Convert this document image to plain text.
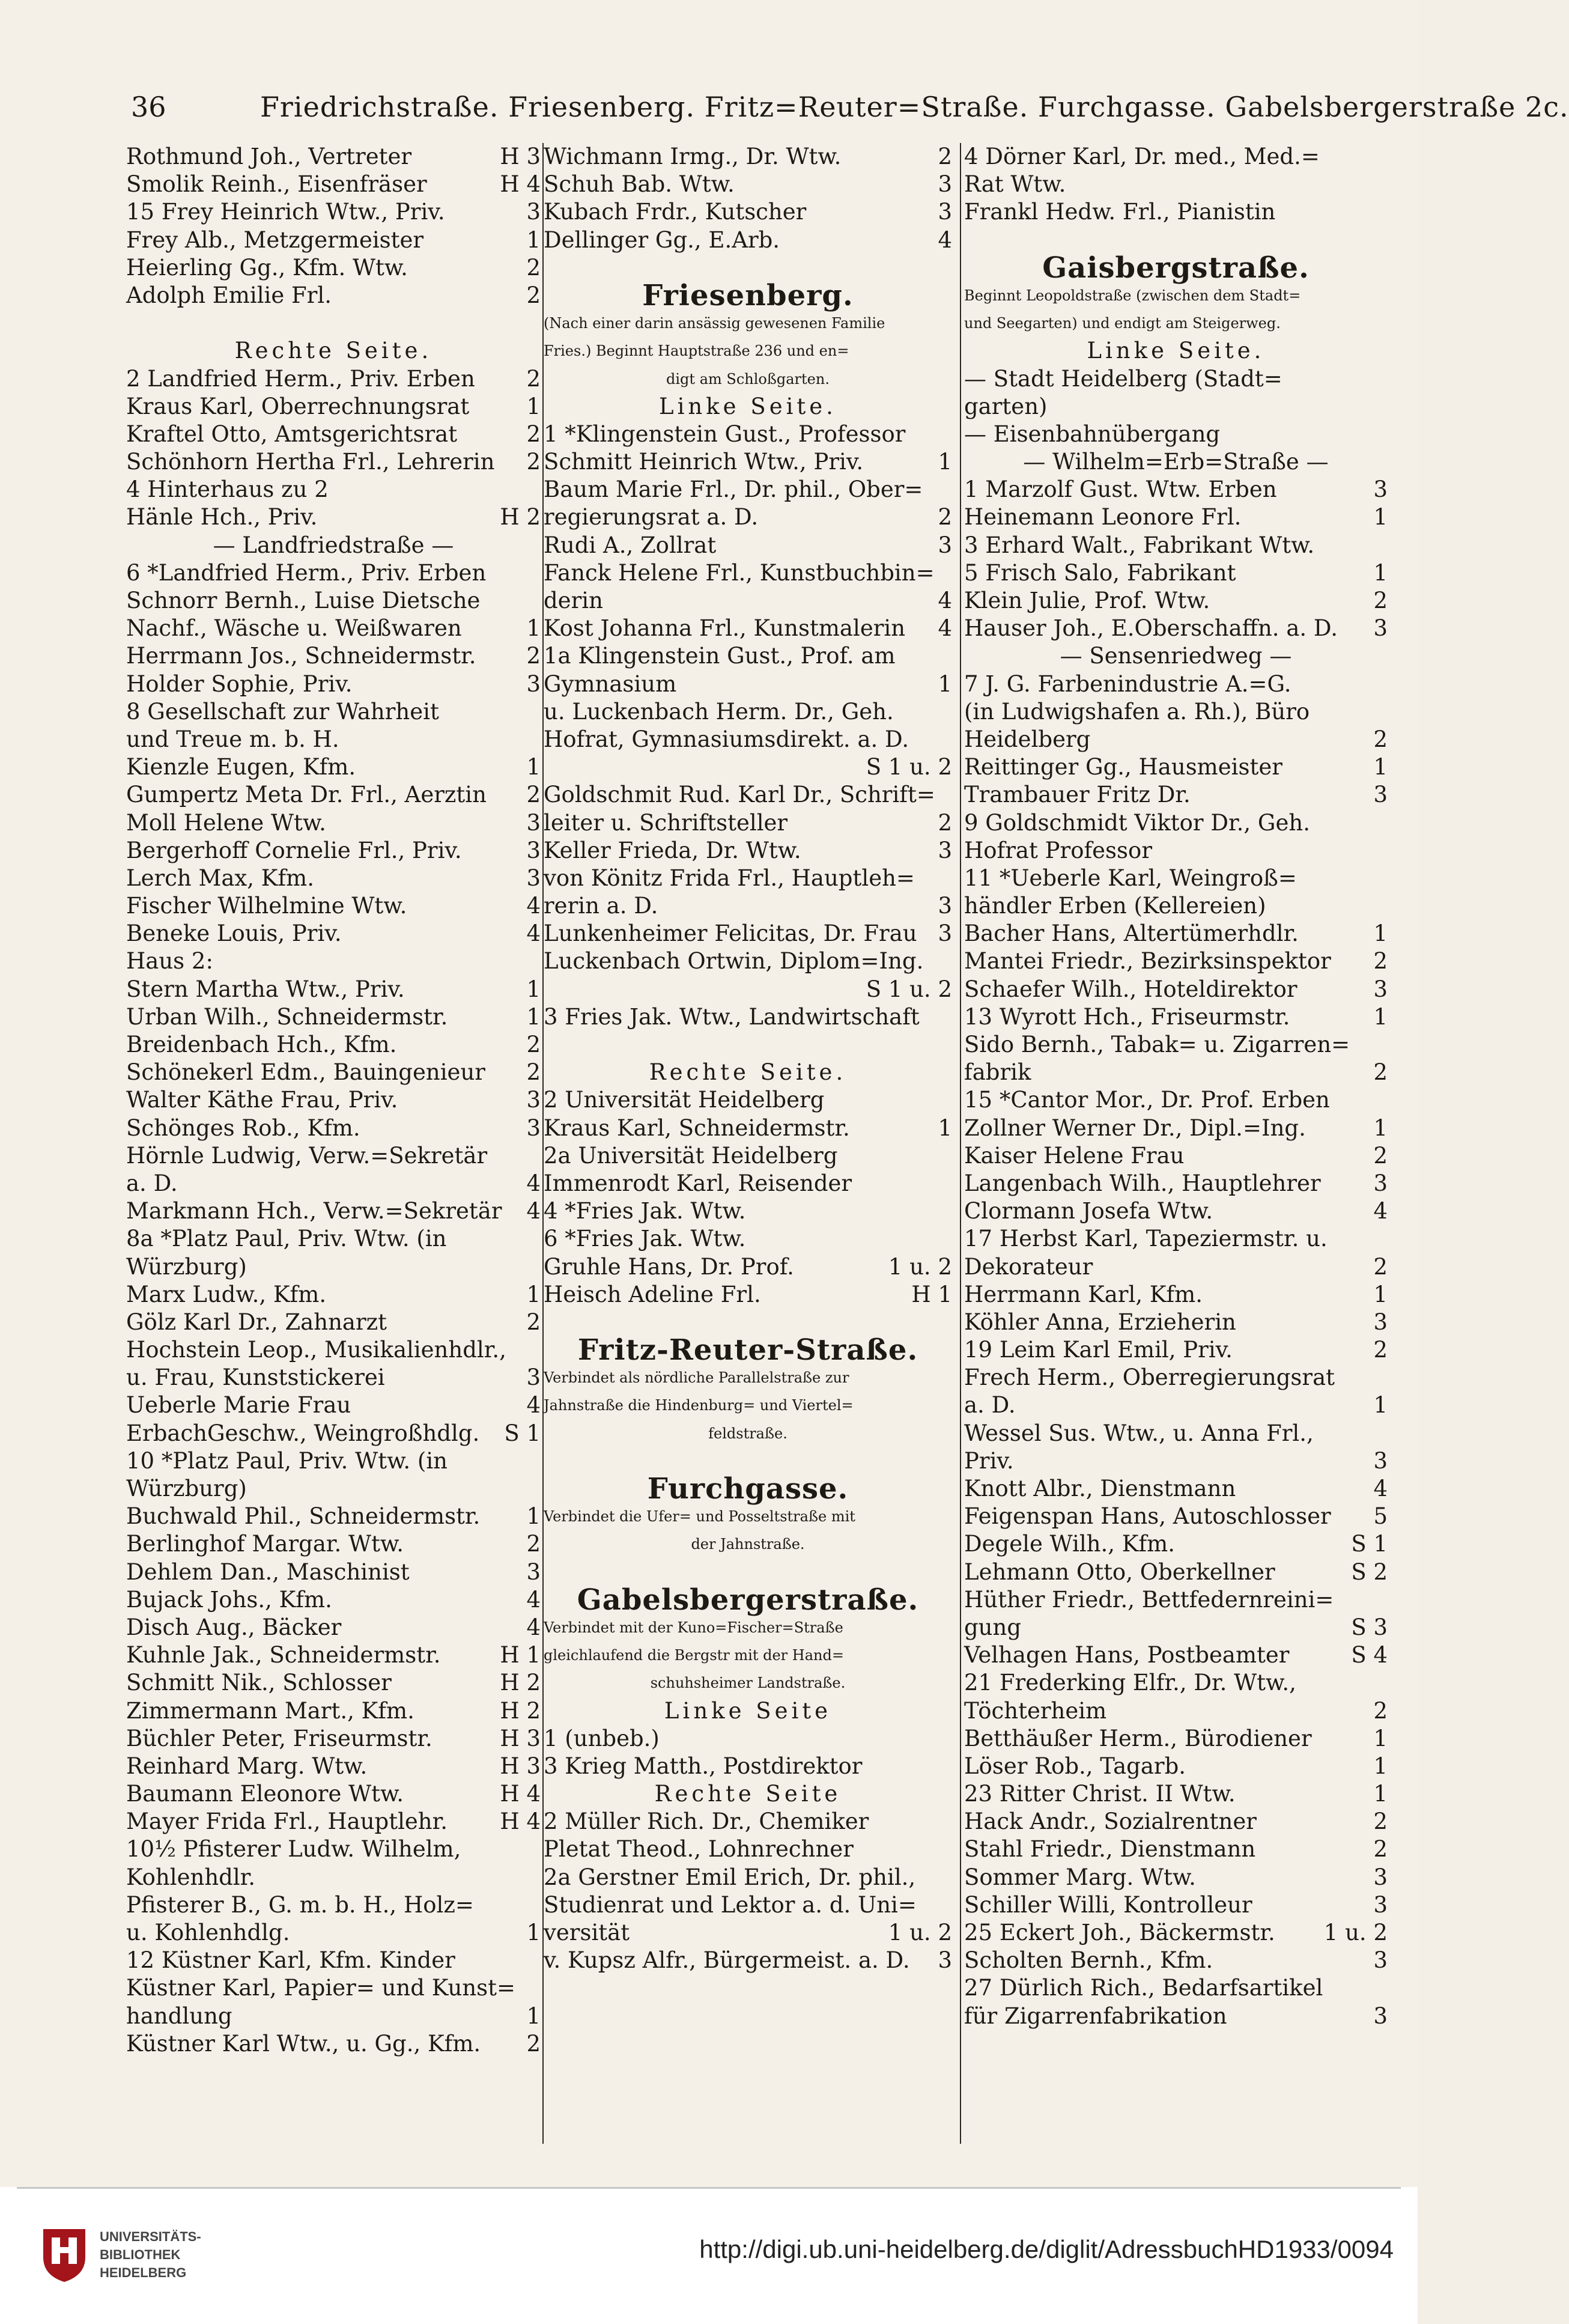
36	Friedrichstraße. Friesenberg. Fritz=Reuter=Straße. Furchgasse. Gabelsbergerstraße 2c.
Rothmund Joh., Vertreter	H 3
Smolik Reinh., Eisenfräser	H 4
15 Frey Heinrich Wtw., Priv.	3
Frey Alb., Metzgermeister	1
Heierling Gg., Kfm. Wtw.	2
Adolph Emilie Frl.	2
Rechte Seite.
2 Landfried Herm., Priv. Erben 2
Kraus Karl, Oberrechnungsrat	1
Kraftel Otto, Amtsgerichtsrat	2
Schönhorn Hertha Frl., Lehrerin 2
4 Hinterhaus zu 2
Hänle Hch., Priv.	H 2
— Landfriedstraße —
6 *Landfried Herm., Priv. Erben
Schnorr Bernh., Luise Dietsche
Nachf., Wäsche u. Weißwaren	1
Herrmann Jos., Schneidermstr. 2
Holder Sophie, Priv.	3
8 Gesellschaft zur Wahrheit
und Treue m. b. H.
Kienzle Eugen, Kfm.	1
Gumpertz Meta Dr. Frl., Aerztin 2
Moll Helene Wtw.	3
Bergerhoff Cornelie Frl., Priv.	3
Lerch Max, Kfm.	3
Fischer Wilhelmine Wtw.	4
Beneke Louis, Priv.	4
Haus 2:
Stern Martha Wtw., Priv.	1
Urban Wilh., Schneidermstr.	1
Breidenbach Hch., Kfm.	2
Schönekerl Edm., Bauingenieur 2
Walter Käthe Frau, Priv.	3
Schönges Rob., Kfm.	3
Hörnle Ludwig, Verw.=Sekretär
a. D.	4
Markmann Hch., Verw.=Sekretär 4
8a *Platz Paul, Priv. Wtw. (in
Würzburg)
Marx Ludw., Kfm.	1
Gölz Karl Dr., Zahnarzt	2
Hochstein Leop., Musikalienhdlr.,
u. Frau, Kunststickerei	3
Ueberle Marie Frau	4
ErbachGeschw., Weingroßhdlg. S 1
10 *Platz Paul, Priv. Wtw. (in
Würzburg)
Buchwald Phil., Schneidermstr. 1
Berlinghof Margar. Wtw.	2
Dehlem Dan., Maschinist	3
Bujack Johs., Kfm.	4
Disch Aug., Bäcker	4
Kuhnle Jak., Schneidermstr.	H 1
Schmitt Nik., Schlosser	H 2
Zimmermann Mart., Kfm.	H 2
Büchler Peter, Friseurmstr.	H 3
Reinhard Marg. Wtw.	H 3
Baumann Eleonore Wtw.	H 4
Mayer Frida Frl., Hauptlehr. H 4
10½ Pfisterer Ludw. Wilhelm,
Kohlenhdlr.
Pfisterer B., G. m. b. H., Holz=
u. Kohlenhdlg.	1
12 Küstner Karl, Kfm. Kinder
Küstner Karl, Papier= und Kunst=
handlung	1
Küstner Karl Wtw., u. Gg., Kfm. 2
Wichmann Irmg., Dr. Wtw.	2
Schuh Bab. Wtw.	3
Kubach Frdr., Kutscher	3
Dellinger Gg., E.Arb.	4
Friesenberg.
(Nach einer darin ansässig gewesenen Familie
Fries.) Beginnt Hauptstraße 236 und en=
digt am Schloßgarten.
Linke Seite.
1 *Klingenstein Gust., Professor
Schmitt Heinrich Wtw., Priv.	1
Baum Marie Frl., Dr. phil., Ober=
regierungsrat a. D.	2
Rudi A., Zollrat	3
Fanck Helene Frl., Kunstbuchbin=
derin	4
Kost Johanna Frl., Kunstmalerin 4
1a Klingenstein Gust., Prof. am
Gymnasium	1
u. Luckenbach Herm. Dr., Geh.
Hofrat, Gymnasiumsdirekt. a. D.
S 1 u. 2
Goldschmit Rud. Karl Dr., Schrift=
leiter u. Schriftsteller	2
Keller Frieda, Dr. Wtw.	3
von Könitz Frida Frl., Hauptleh=
rerin a. D.	3
Lunkenheimer Felicitas, Dr. Frau 3
Luckenbach Ortwin, Diplom=Ing.
S 1 u. 2
3 Fries Jak. Wtw., Landwirtschaft
Rechte Seite.
2 Universität Heidelberg
Kraus Karl, Schneidermstr.	1
2a Universität Heidelberg
Immenrodt Karl, Reisender
4 *Fries Jak. Wtw.
6 *Fries Jak. Wtw.
Gruhle Hans, Dr. Prof.	1 u. 2
Heisch Adeline Frl.	H 1
Fritz-Reuter-Straße.
Verbindet als nördliche Parallelstraße zur
Jahnstraße die Hindenburg= und Viertel=
feldstraße.
Furchgasse.
Verbindet die Ufer= und Posseltstraße mit
der Jahnstraße.
Gabelsbergerstraße.
Verbindet mit der Kuno=Fischer=Straße
gleichlaufend die Bergstr mit der Hand=
schuhsheimer Landstraße.
Linke Seite
1 (unbeb.)
3 Krieg Matth., Postdirektor
Rechte Seite
2 Müller Rich. Dr., Chemiker
Pletat Theod., Lohnrechner
2a Gerstner Emil Erich, Dr. phil.,
Studienrat und Lektor a. d. Uni=
versität	1 u. 2
v. Kupsz Alfr., Bürgermeist. a. D. 3
4 Dörner Karl, Dr. med., Med.=
Rat Wtw.
Frankl Hedw. Frl., Pianistin
Gaisbergstraße.
Beginnt Leopoldstraße (zwischen dem Stadt=
und Seegarten) und endigt am Steigerweg.
Linke Seite.
— Stadt Heidelberg (Stadt=
garten)
— Eisenbahnübergang
— Wilhelm=Erb=Straße —
1 Marzolf Gust. Wtw. Erben	3
Heinemann Leonore Frl.	1
3 Erhard Walt., Fabrikant Wtw.
5 Frisch Salo, Fabrikant	1
Klein Julie, Prof. Wtw.	2
Hauser Joh., E.Oberschaffn. a. D. 3
— Sensenriedweg —
7 J. G. Farbenindustrie A.=G.
(in Ludwigshafen a. Rh.), Büro
Heidelberg	2
Reittinger Gg., Hausmeister	1
Trambauer Fritz Dr.	3
9 Goldschmidt Viktor Dr., Geh.
Hofrat Professor
11 *Ueberle Karl, Weingroß=
händler Erben (Kellereien)
Bacher Hans, Altertümerhdlr.	1
Mantei Friedr., Bezirksinspektor 2
Schaefer Wilh., Hoteldirektor	3
13 Wyrott Hch., Friseurmstr.	1
Sido Bernh., Tabak= u. Zigarren=
fabrik	2
15 *Cantor Mor., Dr. Prof. Erben
Zollner Werner Dr., Dipl.=Ing.	1
Kaiser Helene Frau	2
Langenbach Wilh., Hauptlehrer 3
Clormann Josefa Wtw.	4
17 Herbst Karl, Tapeziermstr. u.
Dekorateur	2
Herrmann Karl, Kfm.	1
Köhler Anna, Erzieherin	3
19 Leim Karl Emil, Priv.	2
Frech Herm., Oberregierungsrat
a. D.	1
Wessel Sus. Wtw., u. Anna Frl.,
Priv.	3
Knott Albr., Dienstmann	4
Feigenspan Hans, Autoschlosser 5
Degele Wilh., Kfm.	S 1
Lehmann Otto, Oberkellner	S 2
Hüther Friedr., Bettfedernreini=
gung	S 3
Velhagen Hans, Postbeamter	S 4
21 Frederking Elfr., Dr. Wtw.,
Töchterheim	2
Betthäußer Herm., Bürodiener	1
Löser Rob., Tagarb.	1
23 Ritter Christ. II Wtw.	1
Hack Andr., Sozialrentner	2
Stahl Friedr., Dienstmann	2
Sommer Marg. Wtw.	3
Schiller Willi, Kontrolleur	3
25 Eckert Joh., Bäckermstr. 1 u. 2
Scholten Bernh., Kfm.	3
27 Dürlich Rich., Bedarfsartikel
für Zigarrenfabrikation	3
UNIVERSITÄTS-
BIBLIOTHEK
HEIDELBERG
http://digi.ub.uni-heidelberg.de/diglit/AdressbuchHD1933/0094
